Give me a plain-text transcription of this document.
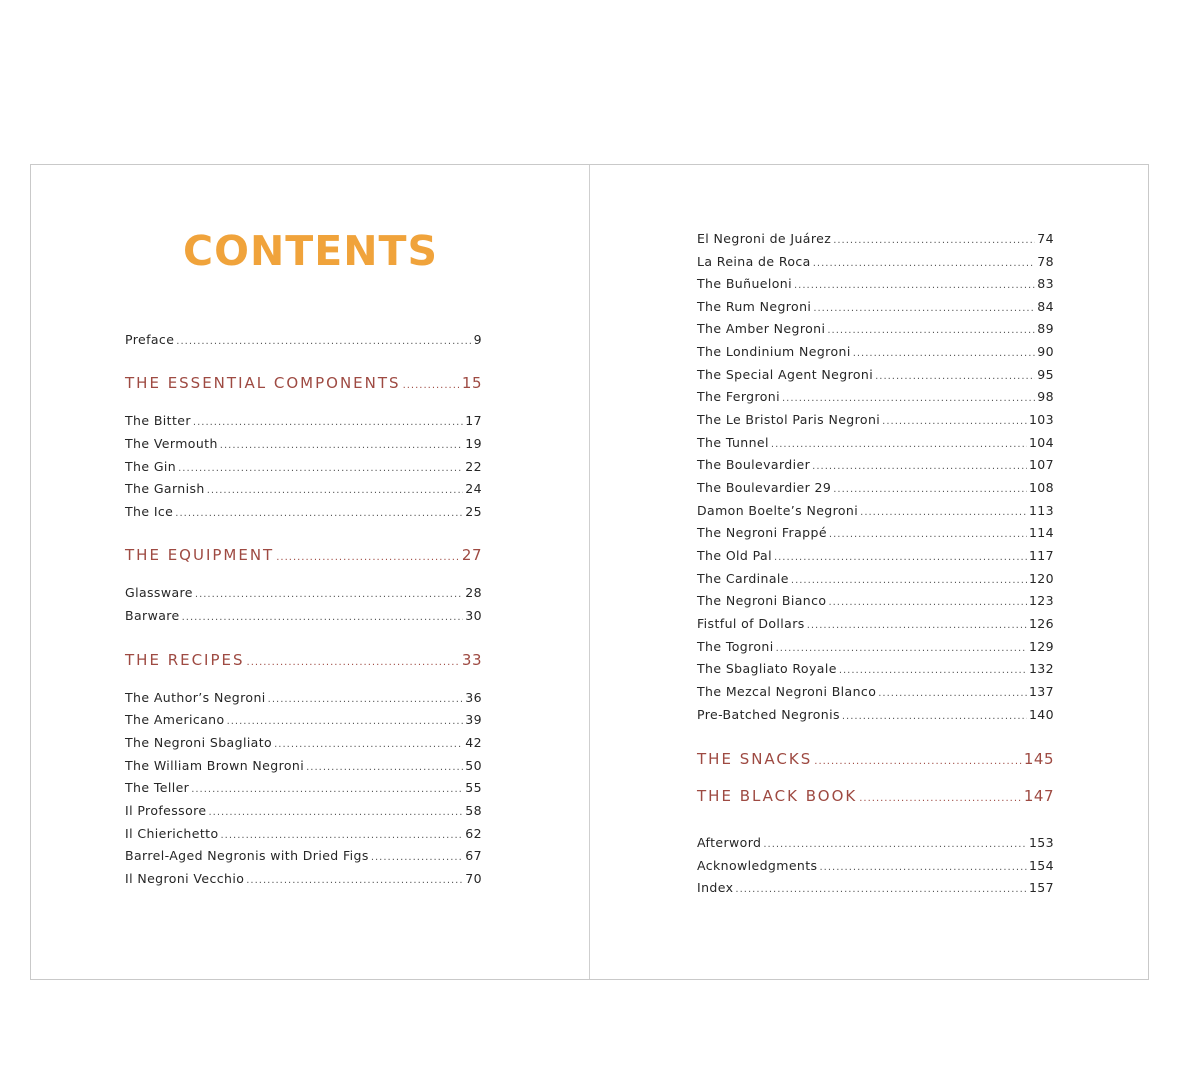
CONTENTS
Preface .....	9
THE ESSENTIAL COMPONENTS .....	15
The Bitter .....	17
The Vermouth .....	19
The Gin .....	22
The Garnish .....	24
The Ice .....	25
THE EQUIPMENT .....	27
Glassware .....	28
Barware .....	30
THE RECIPES .....	33
The Author’s Negroni .....	36
The Americano .....	39
The Negroni Sbagliato .....	42
The William Brown Negroni .....	50
The Teller .....	55
Il Professore .....	58
Il Chierichetto .....	62
Barrel-Aged Negronis with Dried Figs .....	67
Il Negroni Vecchio .....	70
El Negroni de Juárez .....	74
La Reina de Roca .....	78
The Buñueloni .....	83
The Rum Negroni .....	84
The Amber Negroni .....	89
The Londinium Negroni .....	90
The Special Agent Negroni .....	95
The Fergroni .....	98
The Le Bristol Paris Negroni .....	103
The Tunnel .....	104
The Boulevardier .....	107
The Boulevardier 29 .....	108
Damon Boelte’s Negroni .....	113
The Negroni Frappé .....	114
The Old Pal .....	117
The Cardinale .....	120
The Negroni Bianco .....	123
Fistful of Dollars .....	126
The Togroni .....	129
The Sbagliato Royale .....	132
The Mezcal Negroni Blanco .....	137
Pre-Batched Negronis .....	140
THE SNACKS .....	145
THE BLACK BOOK .....	147
Afterword .....	153
Acknowledgments .....	154
Index .....	157
